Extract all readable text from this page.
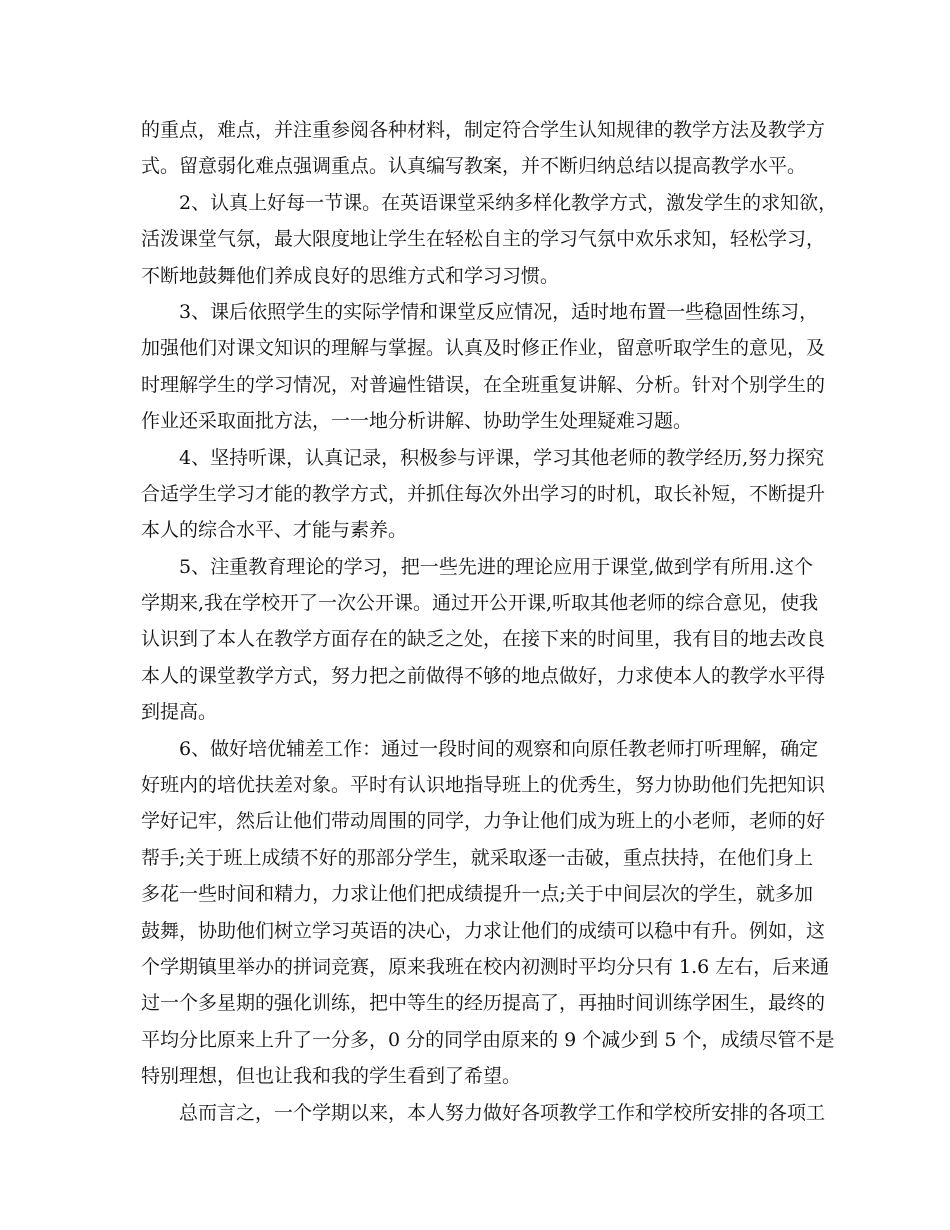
的重点，难点，并注重参阅各种材料，制定符合学生认知规律的教学方法及教学方
式。留意弱化难点强调重点。认真编写教案，并不断归纳总结以提高教学水平。
2、认真上好每一节课。在英语课堂采纳多样化教学方式，激发学生的求知欲，
活泼课堂气氛，最大限度地让学生在轻松自主的学习气氛中欢乐求知，轻松学习，
不断地鼓舞他们养成良好的思维方式和学习习惯。
3、课后依照学生的实际学情和课堂反应情况，适时地布置一些稳固性练习，
加强他们对课文知识的理解与掌握。认真及时修正作业，留意听取学生的意见，及
时理解学生的学习情况，对普遍性错误，在全班重复讲解、分析。针对个别学生的
作业还采取面批方法，一一地分析讲解、协助学生处理疑难习题。
4、坚持听课，认真记录，积极参与评课，学习其他老师的教学经历,努力探究
合适学生学习才能的教学方式，并抓住每次外出学习的时机，取长补短，不断提升
本人的综合水平、才能与素养。
5、注重教育理论的学习，把一些先进的理论应用于课堂,做到学有所用.这个
学期来,我在学校开了一次公开课。通过开公开课,听取其他老师的综合意见，使我
认识到了本人在教学方面存在的缺乏之处，在接下来的时间里，我有目的地去改良
本人的课堂教学方式，努力把之前做得不够的地点做好，力求使本人的教学水平得
到提高。
6、做好培优辅差工作：通过一段时间的观察和向原任教老师打听理解，确定
好班内的培优扶差对象。平时有认识地指导班上的优秀生，努力协助他们先把知识
学好记牢，然后让他们带动周围的同学，力争让他们成为班上的小老师，老师的好
帮手;关于班上成绩不好的那部分学生，就采取逐一击破，重点扶持，在他们身上
多花一些时间和精力，力求让他们把成绩提升一点;关于中间层次的学生，就多加
鼓舞，协助他们树立学习英语的决心，力求让他们的成绩可以稳中有升。例如，这
个学期镇里举办的拼词竞赛，原来我班在校内初测时平均分只有 1.6 左右，后来通
过一个多星期的强化训练，把中等生的经历提高了，再抽时间训练学困生，最终的
平均分比原来上升了一分多，0 分的同学由原来的 9 个减少到 5 个，成绩尽管不是
特别理想，但也让我和我的学生看到了希望。
总而言之，一个学期以来，本人努力做好各项教学工作和学校所安排的各项工
